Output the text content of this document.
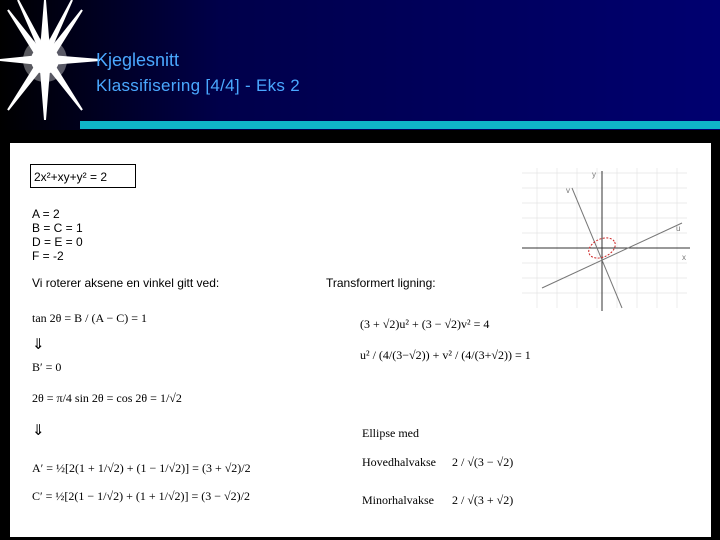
Kjeglesnitt
Klassifisering [4/4] - Eks 2
2x²+xy+y² = 2
A = 2
B = C = 1
D = E = 0
F = -2
Vi roterer aksene en vinkel gitt ved:	Transformert ligning:
tan 2θ = B / (A − C) = 1
⇓
B′ = 0
2θ = π/4 sin 2θ = cos 2θ = 1/√2
⇓
A′ = ½[2(1 + 1/√2) + (1 − 1/√2)] = (3 + √2)/2
C′ = ½[2(1 − 1/√2) + (1 + 1/√2)] = (3 − √2)/2
(3 + √2)u² + (3 − √2)v² = 4
u² / (4/(3−√2)) + v² / (4/(3+√2)) = 1
Ellipse med
Hovedhalvakse 2 / √(3 − √2)
Minorhalvakse 2 / √(3 + √2)
y
x
v
u
